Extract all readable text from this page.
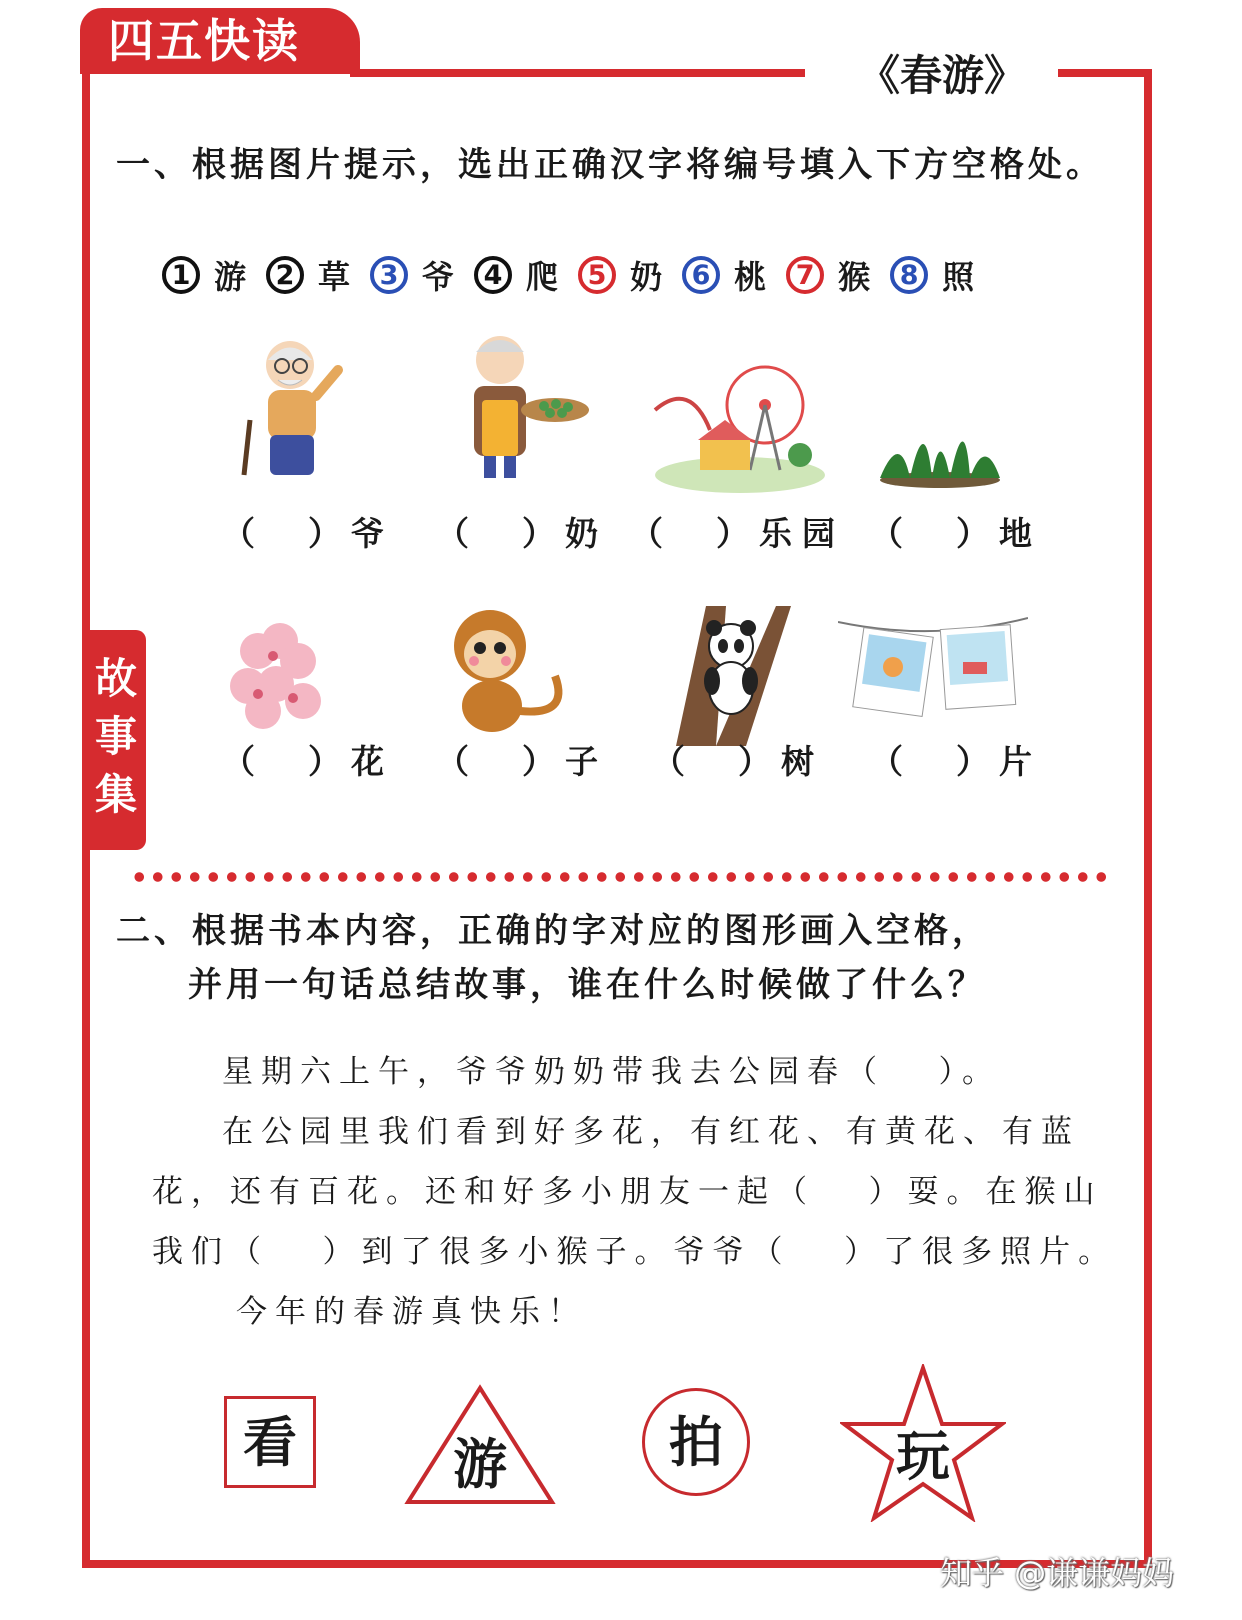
四五快读
《春游》
故
事
集
一、根据图片提示，选出正确汉字将编号填入下方空格处。
1 游	2 草	3 爷	4 爬	5 奶	6 桃	7 猴	8 照
（  ）爷 （  ）奶 （  ）乐园 （  ）地
（  ）花 （  ）子 （  ）树 （  ）片
二、根据书本内容，正确的字对应的图形画入空格，
并用一句话总结故事，谁在什么时候做了什么？
星期六上午，爷爷奶奶带我去公园春（   ）。
在公园里我们看到好多花，有红花、有黄花、有蓝
花，还有百花。还和好多小朋友一起（   ）耍。在猴山
我们（   ）到了很多小猴子。爷爷（   ）了很多照片。
今年的春游真快乐！
看	游	拍	玩
知乎 @谦谦妈妈
